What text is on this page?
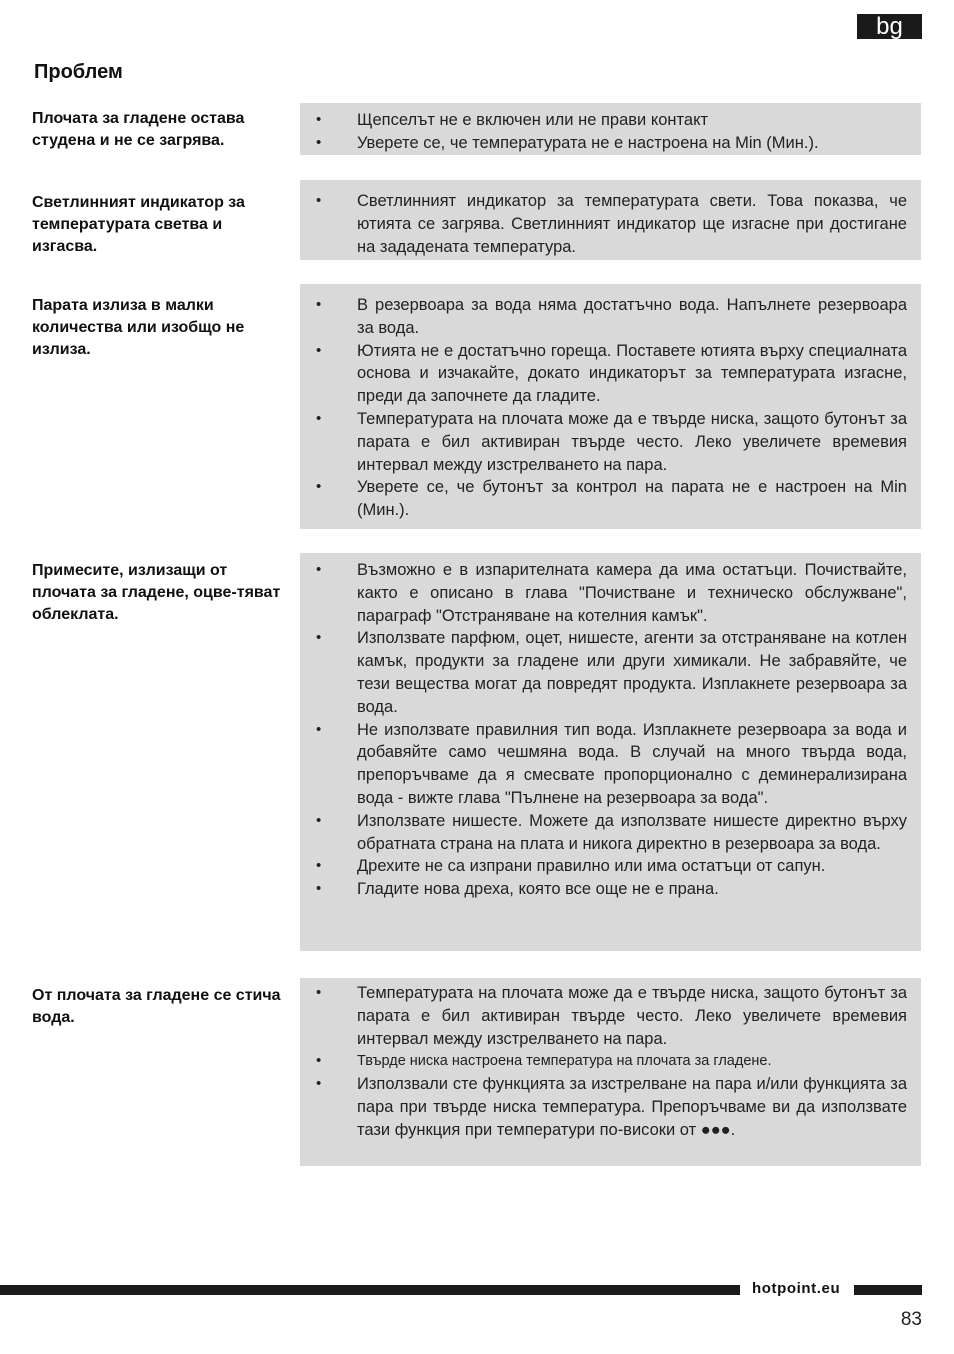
bg
Проблем
Плочата за гладене остава студена и не се загрява.
• Щепселът не е включен или не прави контакт
• Уверете се, че температурата не е настроена на Min (Мин.).
Светлинният индикатор за температурата светва и изгасва.
• Светлинният индикатор за температурата свети. Това показва, че ютията се загрява. Светлинният индикатор ще изгасне при достигане на зададената температура.
Парата излиза в малки количества или изобщо не излиза.
• В резервоара за вода няма достатъчно вода. Напълнете резервоара за вода.
• Ютията не е достатъчно гореща. Поставете ютията върху специалната основа и изчакайте, докато индикаторът за температурата изгасне, преди да започнете да гладите.
• Температурата на плочата може да е твърде ниска, защото бутонът за парата е бил активиран твърде често. Леко увеличете времевия интервал между изстрелването на пара.
• Уверете се, че бутонът за контрол на парата не е настроен на Min (Мин.).
Примесите, излизащи от плочата за гладене, оцве-тяват облеклата.
• Възможно е в изпарителната камера да има остатъци. Почиствайте, както е описано в глава "Почистване и техническо обслужване", параграф "Отстраняване на котелния камък".
• Използвате парфюм, оцет, нишесте, агенти за отстраняване на котлен камък, продукти за гладене или други химикали. Не забравяйте, че тези вещества могат да повредят продукта. Изплакнете резервоара за вода.
• Не използвате правилния тип вода. Изплакнете резервоара за вода и добавяйте само чешмяна вода. В случай на много твърда вода, препоръчваме да я смесвате пропорционално с деминерализирана вода - вижте глава "Пълнене на резервоара за вода".
• Използвате нишесте. Можете да използвате нишесте директно върху обратната страна на плата и никога директно в резервоара за вода.
• Дрехите не са изпрани правилно или има остатъци от сапун.
• Гладите нова дреха, която все още не е прана.
От плочата за гладене се стича вода.
• Температурата на плочата може да е твърде ниска, защото бутонът за парата е бил активиран твърде често. Леко увеличете времевия интервал между изстрелването на пара.
•	Твърде ниска настроена температура на плочата за гладене.
• Използвали сте функцията за изстрелване на пара и/или функцията за пара при твърде ниска температура. Препоръчваме ви да използвате тази функция при температури по-високи от ●●●.
hotpoint.eu
83
